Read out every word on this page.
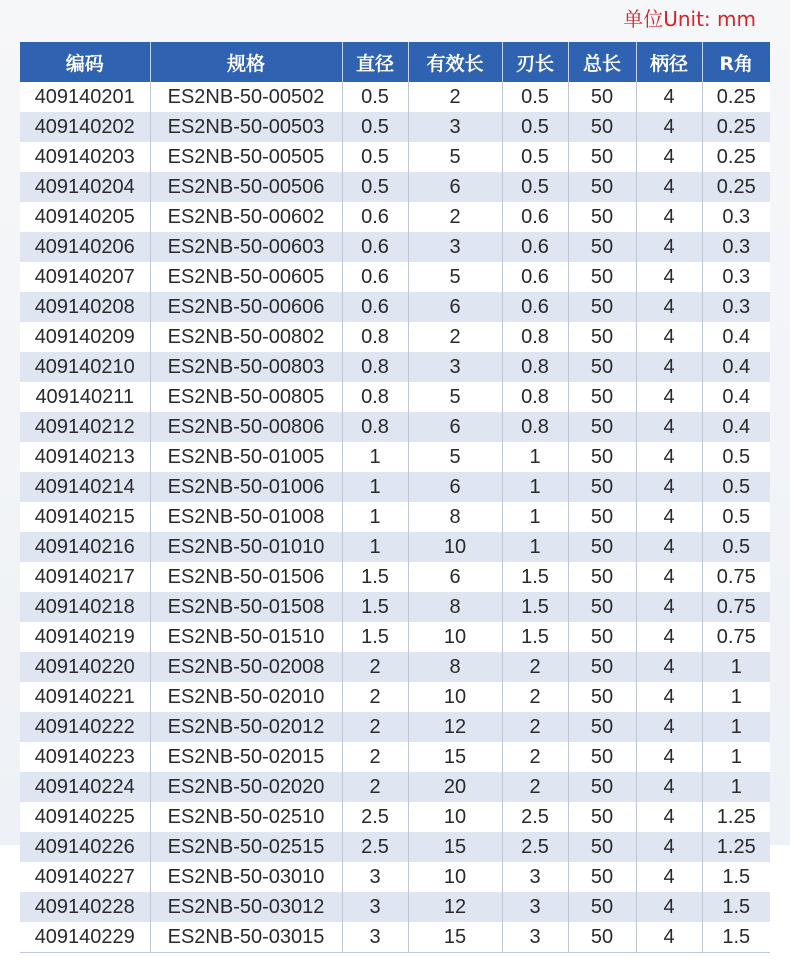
单位Unit: mm
编码	规格	直径	有效长	刃长	总长	柄径	R角
409140201	ES2NB-50-00502	0.5	2	0.5	50	4	0.25
409140202	ES2NB-50-00503	0.5	3	0.5	50	4	0.25
409140203	ES2NB-50-00505	0.5	5	0.5	50	4	0.25
409140204	ES2NB-50-00506	0.5	6	0.5	50	4	0.25
409140205	ES2NB-50-00602	0.6	2	0.6	50	4	0.3
409140206	ES2NB-50-00603	0.6	3	0.6	50	4	0.3
409140207	ES2NB-50-00605	0.6	5	0.6	50	4	0.3
409140208	ES2NB-50-00606	0.6	6	0.6	50	4	0.3
409140209	ES2NB-50-00802	0.8	2	0.8	50	4	0.4
409140210	ES2NB-50-00803	0.8	3	0.8	50	4	0.4
409140211	ES2NB-50-00805	0.8	5	0.8	50	4	0.4
409140212	ES2NB-50-00806	0.8	6	0.8	50	4	0.4
409140213	ES2NB-50-01005	1	5	1	50	4	0.5
409140214	ES2NB-50-01006	1	6	1	50	4	0.5
409140215	ES2NB-50-01008	1	8	1	50	4	0.5
409140216	ES2NB-50-01010	1	10	1	50	4	0.5
409140217	ES2NB-50-01506	1.5	6	1.5	50	4	0.75
409140218	ES2NB-50-01508	1.5	8	1.5	50	4	0.75
409140219	ES2NB-50-01510	1.5	10	1.5	50	4	0.75
409140220	ES2NB-50-02008	2	8	2	50	4	1
409140221	ES2NB-50-02010	2	10	2	50	4	1
409140222	ES2NB-50-02012	2	12	2	50	4	1
409140223	ES2NB-50-02015	2	15	2	50	4	1
409140224	ES2NB-50-02020	2	20	2	50	4	1
409140225	ES2NB-50-02510	2.5	10	2.5	50	4	1.25
409140226	ES2NB-50-02515	2.5	15	2.5	50	4	1.25
409140227	ES2NB-50-03010	3	10	3	50	4	1.5
409140228	ES2NB-50-03012	3	12	3	50	4	1.5
409140229	ES2NB-50-03015	3	15	3	50	4	1.5
